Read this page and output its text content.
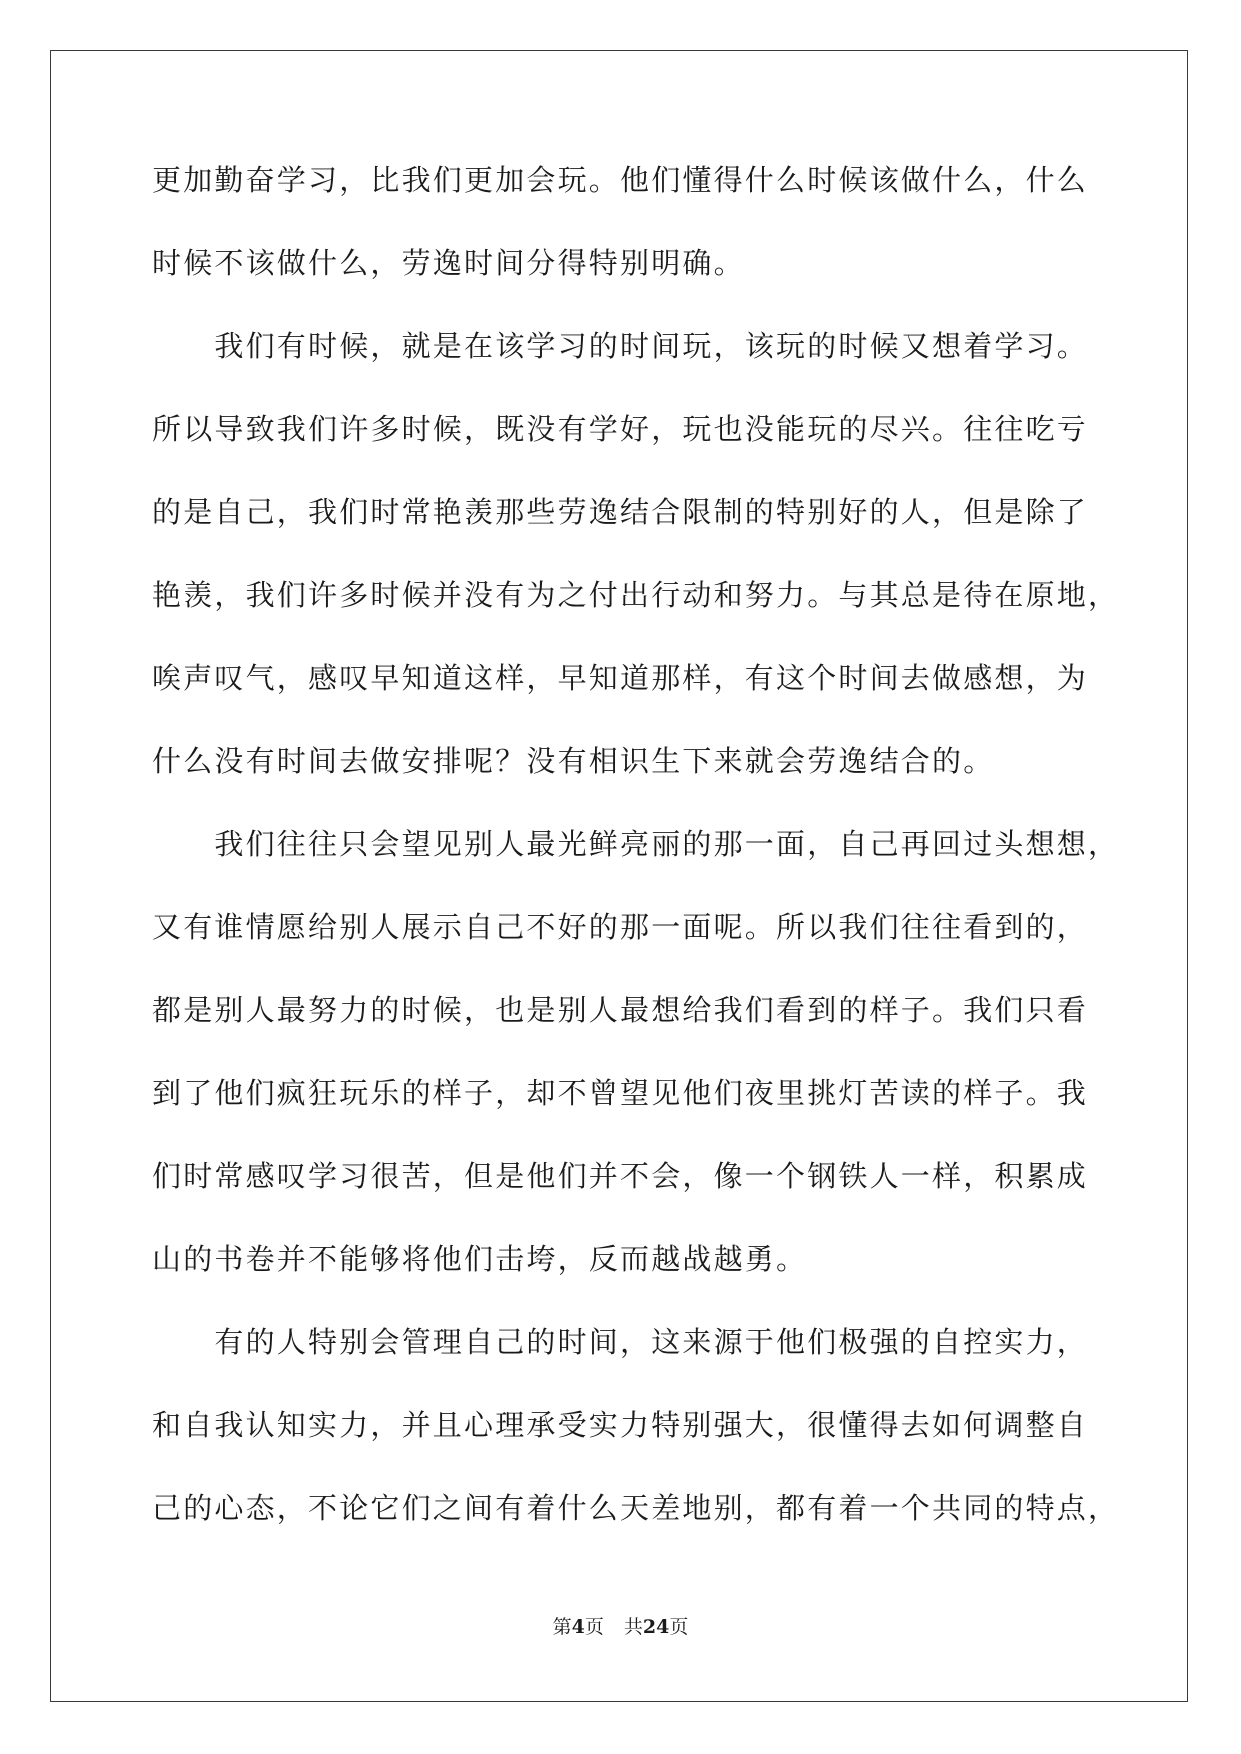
更加勤奋学习，比我们更加会玩。他们懂得什么时候该做什么，什么
时候不该做什么，劳逸时间分得特别明确。
　　我们有时候，就是在该学习的时间玩，该玩的时候又想着学习。
所以导致我们许多时候，既没有学好，玩也没能玩的尽兴。往往吃亏
的是自己，我们时常艳羡那些劳逸结合限制的特别好的人，但是除了
艳羡，我们许多时候并没有为之付出行动和努力。与其总是待在原地，
唉声叹气，感叹早知道这样，早知道那样，有这个时间去做感想，为
什么没有时间去做安排呢？没有相识生下来就会劳逸结合的。
　　我们往往只会望见别人最光鲜亮丽的那一面，自己再回过头想想，
又有谁情愿给别人展示自己不好的那一面呢。所以我们往往看到的，
都是别人最努力的时候，也是别人最想给我们看到的样子。我们只看
到了他们疯狂玩乐的样子，却不曾望见他们夜里挑灯苦读的样子。我
们时常感叹学习很苦，但是他们并不会，像一个钢铁人一样，积累成
山的书卷并不能够将他们击垮，反而越战越勇。
　　有的人特别会管理自己的时间，这来源于他们极强的自控实力，
和自我认知实力，并且心理承受实力特别强大，很懂得去如何调整自
己的心态，不论它们之间有着什么天差地别，都有着一个共同的特点，
第4页 共24页
